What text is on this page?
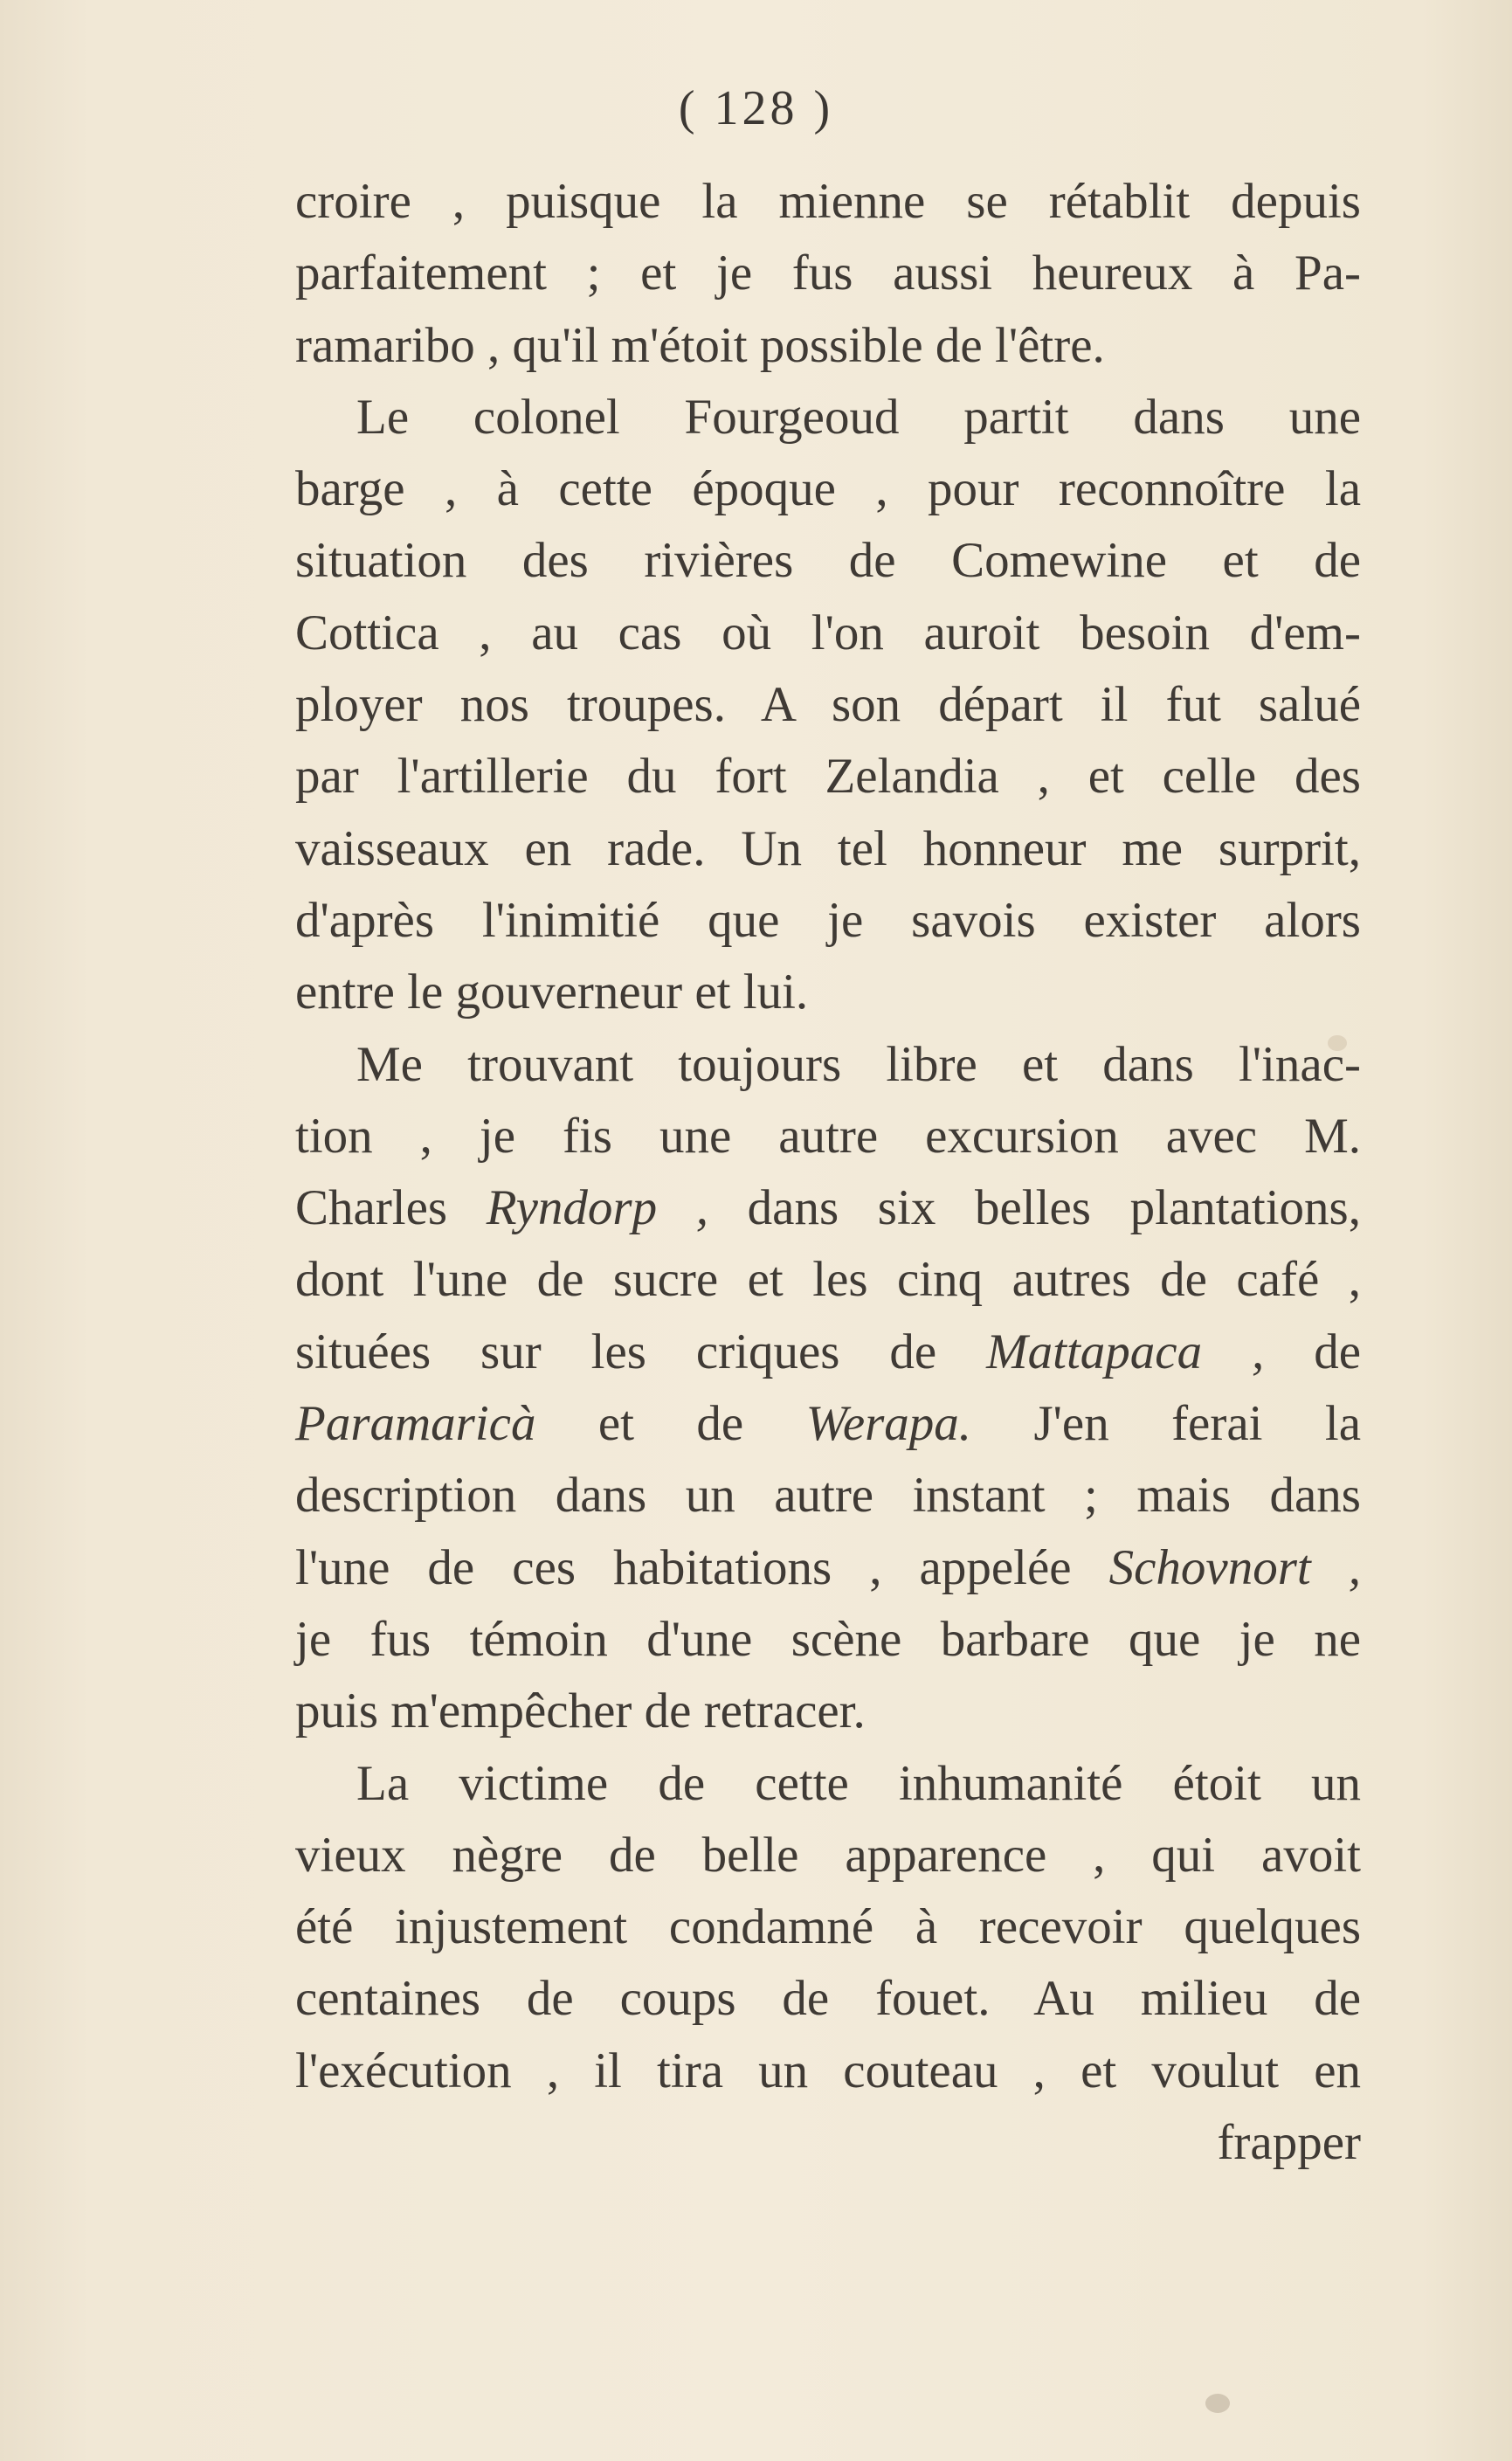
( 128 )
croire , puisque la mienne se rétablit depuis
parfaitement ; et je fus aussi heureux à Pa-
ramaribo , qu'il m'étoit possible de l'être.
Le colonel Fourgeoud partit dans une
barge , à cette époque , pour reconnoître la
situation des rivières de Comewine et de
Cottica , au cas où l'on auroit besoin d'em-
ployer nos troupes. A son départ il fut salué
par l'artillerie du fort Zelandia , et celle des
vaisseaux en rade. Un tel honneur me surprit,
d'après l'inimitié que je savois exister alors
entre le gouverneur et lui.
Me trouvant toujours libre et dans l'inac-
tion , je fis une autre excursion avec M.
Charles Ryndorp , dans six belles plantations,
dont l'une de sucre et les cinq autres de café ,
situées sur les criques de Mattapaca , de
Paramaricà et de Werapa. J'en ferai la
description dans un autre instant ; mais dans
l'une de ces habitations , appelée Schovnort ,
je fus témoin d'une scène barbare que je ne
puis m'empêcher de retracer.
La victime de cette inhumanité étoit un
vieux nègre de belle apparence , qui avoit
été injustement condamné à recevoir quelques
centaines de coups de fouet. Au milieu de
l'exécution , il tira un couteau , et voulut en
frapper
